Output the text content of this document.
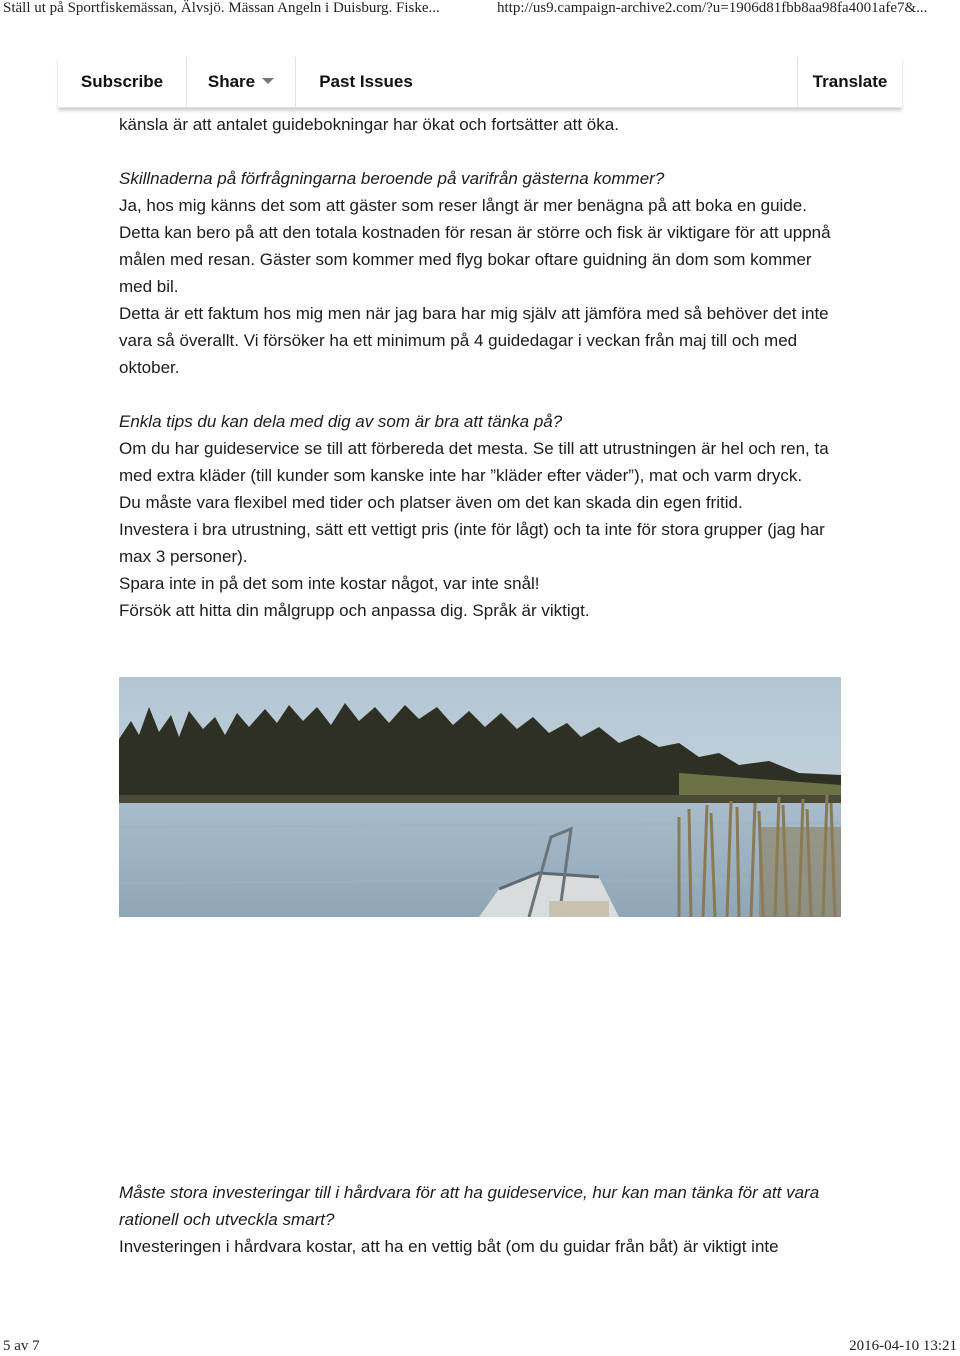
Ställ ut på Sportfiskemässan, Älvsjö. Mässan Angeln i Duisburg. Fiske...	http://us9.campaign-archive2.com/?u=1906d81fbb8aa98fa4001afe7&...
Subscribe	Share	Past Issues	Translate

känsla är att antalet guidebokningar har ökat och fortsätter att öka.

Skillnaderna på förfrågningarna beroende på varifrån gästerna kommer?

Ja, hos mig känns det som att gäster som reser långt är mer benägna på att boka en guide. Detta kan bero på att den totala kostnaden för resan är större och fisk är viktigare för att uppnå målen med resan. Gäster som kommer med flyg bokar oftare guidning än dom som kommer med bil.

Detta är ett faktum hos mig men när jag bara har mig själv att jämföra med så behöver det inte vara så överallt. Vi försöker ha ett minimum på 4 guidedagar i veckan från maj till och med oktober.

Enkla tips du kan dela med dig av som är bra att tänka på?

Om du har guideservice se till att förbereda det mesta. Se till att utrustningen är hel och ren, ta med extra kläder (till kunder som kanske inte har ”kläder efter väder”), mat och varm dryck.

Du måste vara flexibel med tider och platser även om det kan skada din egen fritid.

Investera i bra utrustning, sätt ett vettigt pris (inte för lågt) och ta inte för stora grupper (jag har max 3 personer).

Spara inte in på det som inte kostar något, var inte snål!

Försök att hitta din målgrupp och anpassa dig. Språk är viktigt.

Måste stora investeringar till i hårdvara för att ha guideservice, hur kan man tänka för att vara rationell och utveckla smart?

Investeringen i hårdvara kostar, att ha en vettig båt (om du guidar från båt) är viktigt inte

5 av 7	2016-04-10 13:21
